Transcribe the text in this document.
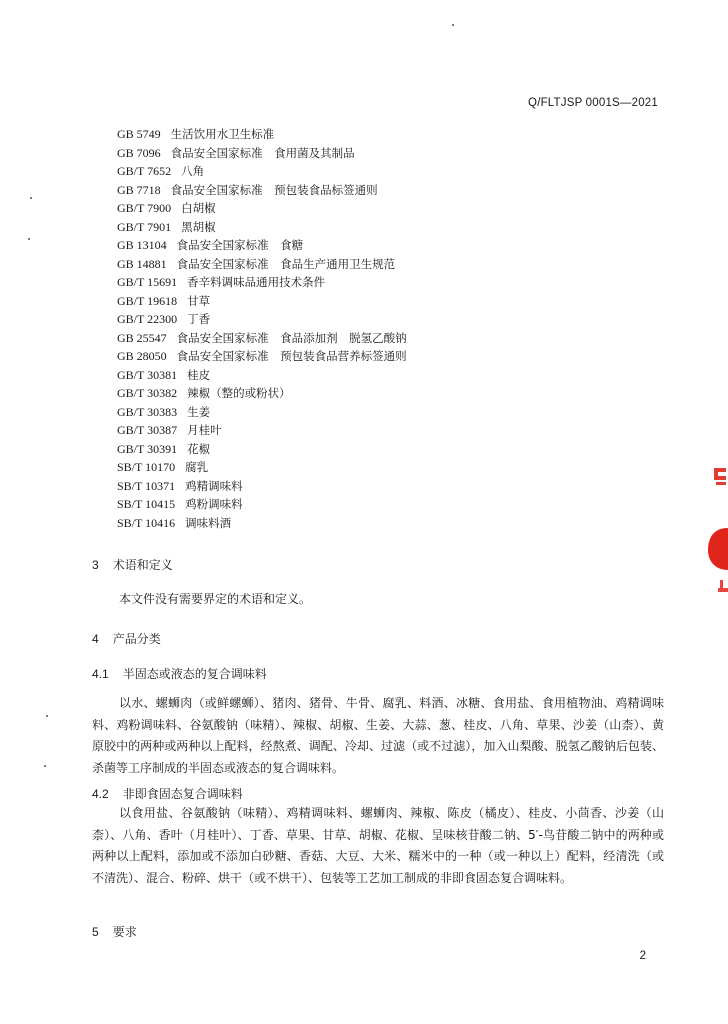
Q/FLTJSP 0001S—2021
GB 5749 生活饮用水卫生标准
GB 7096 食品安全国家标准　食用菌及其制品
GB/T 7652 八角
GB 7718 食品安全国家标准　预包装食品标签通则
GB/T 7900 白胡椒
GB/T 7901 黑胡椒
GB 13104 食品安全国家标准　食糖
GB 14881 食品安全国家标准　食品生产通用卫生规范
GB/T 15691 香辛料调味品通用技术条件
GB/T 19618 甘草
GB/T 22300 丁香
GB 25547 食品安全国家标准　食品添加剂　脱氢乙酸钠
GB 28050 食品安全国家标准　预包装食品营养标签通则
GB/T 30381 桂皮
GB/T 30382 辣椒（整的或粉状）
GB/T 30383 生姜
GB/T 30387 月桂叶
GB/T 30391 花椒
SB/T 10170 腐乳
SB/T 10371 鸡精调味料
SB/T 10415 鸡粉调味料
SB/T 10416 调味料酒
3 术语和定义
本文件没有需要界定的术语和定义。
4 产品分类
4.1 半固态或液态的复合调味料
以水、螺蛳肉（或鲜螺蛳）、猪肉、猪骨、牛骨、腐乳、料酒、冰糖、食用盐、食用植物油、鸡精调味料、鸡粉调味料、谷氨酸钠（味精）、辣椒、胡椒、生姜、大蒜、葱、桂皮、八角、草果、沙姜（山柰）、黄原胶中的两种或两种以上配料，经熬煮、调配、冷却、过滤（或不过滤），加入山梨酸、脱氢乙酸钠后包装、杀菌等工序制成的半固态或液态的复合调味料。
4.2 非即食固态复合调味料
以食用盐、谷氨酸钠（味精）、鸡精调味料、螺蛳肉、辣椒、陈皮（橘皮）、桂皮、小茴香、沙姜（山柰）、八角、香叶（月桂叶）、丁香、草果、甘草、胡椒、花椒、呈味核苷酸二钠、5′-鸟苷酸二钠中的两种或两种以上配料，添加或不添加白砂糖、香菇、大豆、大米、糯米中的一种（或一种以上）配料，经清洗（或不清洗）、混合、粉碎、烘干（或不烘干）、包装等工艺加工制成的非即食固态复合调味料。
5 要求
2
